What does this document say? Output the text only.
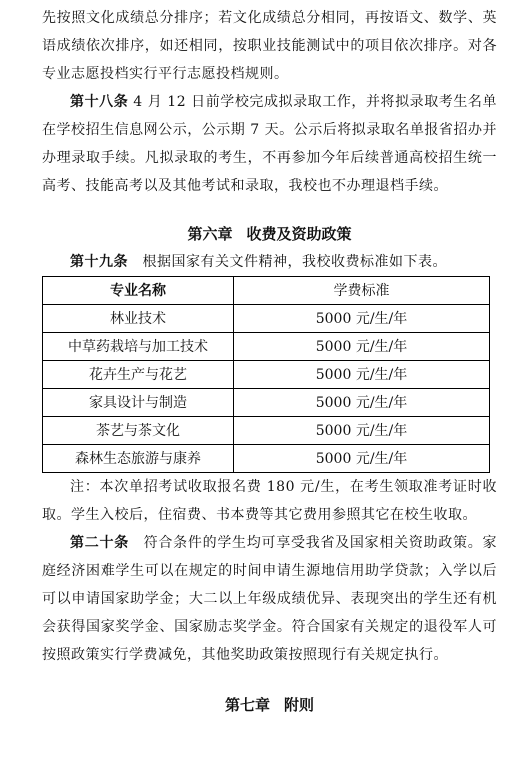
先按照文化成绩总分排序；若文化成绩总分相同，再按语文、数学、英语成绩依次排序，如还相同，按职业技能测试中的项目依次排序。对各专业志愿投档实行平行志愿投档规则。

第十八条 4 月 12 日前学校完成拟录取工作，并将拟录取考生名单在学校招生信息网公示，公示期 7 天。公示后将拟录取名单报省招办并办理录取手续。凡拟录取的考生，不再参加今年后续普通高校招生统一高考、技能高考以及其他考试和录取，我校也不办理退档手续。

第六章 收费及资助政策

第十九条　根据国家有关文件精神，我校收费标准如下表。

专业名称	学费标准
林业技术	5000 元/生/年
中草药栽培与加工技术	5000 元/生/年
花卉生产与花艺	5000 元/生/年
家具设计与制造	5000 元/生/年
茶艺与茶文化	5000 元/生/年
森林生态旅游与康养	5000 元/生/年

注：本次单招考试收取报名费 180 元/生，在考生领取准考证时收取。学生入校后，住宿费、书本费等其它费用参照其它在校生收取。

第二十条　符合条件的学生均可享受我省及国家相关资助政策。家庭经济困难学生可以在规定的时间申请生源地信用助学贷款；入学以后可以申请国家助学金；大二以上年级成绩优异、表现突出的学生还有机会获得国家奖学金、国家励志奖学金。符合国家有关规定的退役军人可按照政策实行学费减免，其他奖助政策按照现行有关规定执行。

第七章 附则
